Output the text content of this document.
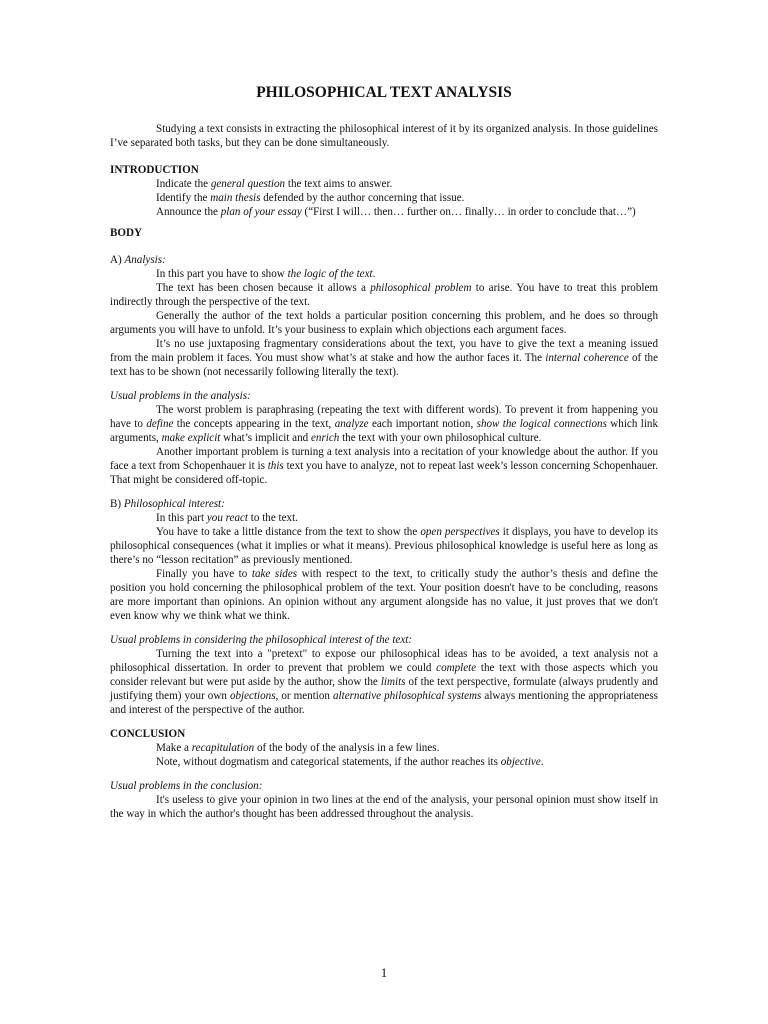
PHILOSOPHICAL TEXT ANALYSIS

Studying a text consists in extracting the philosophical interest of it by its organized analysis. In those guidelines I’ve separated both tasks, but they can be done simultaneously.

INTRODUCTION

Indicate the general question the text aims to answer.

Identify the main thesis defended by the author concerning that issue.

Announce the plan of your essay (“First I will… then… further on… finally… in order to conclude that…”)

BODY

A) Analysis:

In this part you have to show the logic of the text.

The text has been chosen because it allows a philosophical problem to arise. You have to treat this problem indirectly through the perspective of the text.

Generally the author of the text holds a particular position concerning this problem, and he does so through arguments you will have to unfold. It’s your business to explain which objections each argument faces.

It’s no use juxtaposing fragmentary considerations about the text, you have to give the text a meaning issued from the main problem it faces. You must show what’s at stake and how the author faces it. The internal coherence of the text has to be shown (not necessarily following literally the text).

Usual problems in the analysis:

The worst problem is paraphrasing (repeating the text with different words). To prevent it from happening you have to define the concepts appearing in the text, analyze each important notion, show the logical connections which link arguments, make explicit what’s implicit and enrich the text with your own philosophical culture.

Another important problem is turning a text analysis into a recitation of your knowledge about the author. If you face a text from Schopenhauer it is this text you have to analyze, not to repeat last week’s lesson concerning Schopenhauer. That might be considered off-topic.

B) Philosophical interest:

In this part you react to the text.

You have to take a little distance from the text to show the open perspectives it displays, you have to develop its philosophical consequences (what it implies or what it means). Previous philosophical knowledge is useful here as long as there’s no “lesson recitation” as previously mentioned.

Finally you have to take sides with respect to the text, to critically study the author’s thesis and define the position you hold concerning the philosophical problem of the text. Your position doesn't have to be concluding, reasons are more important than opinions. An opinion without any argument alongside has no value, it just proves that we don't even know why we think what we think.

Usual problems in considering the philosophical interest of the text:

Turning the text into a "pretext" to expose our philosophical ideas has to be avoided, a text analysis not a philosophical dissertation. In order to prevent that problem we could complete the text with those aspects which you consider relevant but were put aside by the author, show the limits of the text perspective, formulate (always prudently and justifying them) your own objections, or mention alternative philosophical systems always mentioning the appropriateness and interest of the perspective of the author.

CONCLUSION

Make a recapitulation of the body of the analysis in a few lines.

Note, without dogmatism and categorical statements, if the author reaches its objective.

Usual problems in the conclusion:

It's useless to give your opinion in two lines at the end of the analysis, your personal opinion must show itself in the way in which the author's thought has been addressed throughout the analysis.

1
